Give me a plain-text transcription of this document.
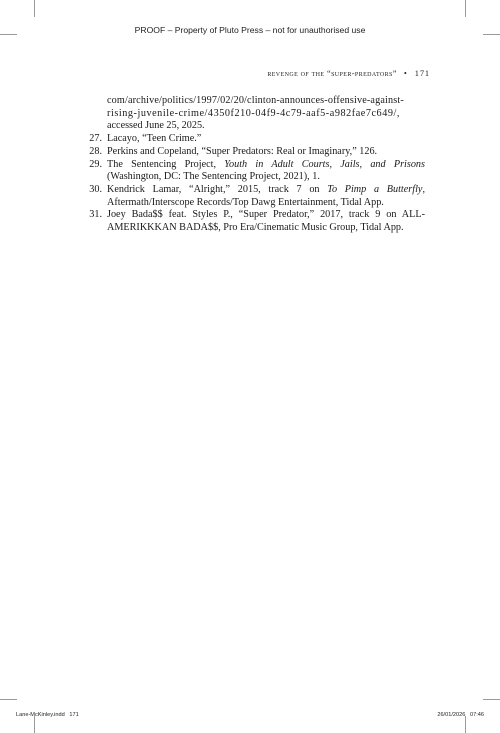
PROOF – Property of Pluto Press – not for unauthorised use
revenge of the “super-predators” • 171
com/archive/politics/1997/02/20/clinton-announces-offensive-against-
rising-juvenile-crime/4350f210-04f9-4c79-aaf5-a982fae7c649/,
accessed June 25, 2025.
27. Lacayo, “Teen Crime.”
28. Perkins and Copeland, “Super Predators: Real or Imaginary,” 126.
29. The Sentencing Project, Youth in Adult Courts, Jails, and Prisons (Washington, DC: The Sentencing Project, 2021), 1.
30. Kendrick Lamar, “Alright,” 2015, track 7 on To Pimp a Butterfly, Aftermath/Interscope Records/Top Dawg Entertainment, Tidal App.
31. Joey Bada$$ feat. Styles P., “Super Predator,” 2017, track 9 on ALL-AMERIKKKAN BADA$$, Pro Era/Cinematic Music Group, Tidal App.
Lane-McKinley.indd   171	26/01/2026   07:46
